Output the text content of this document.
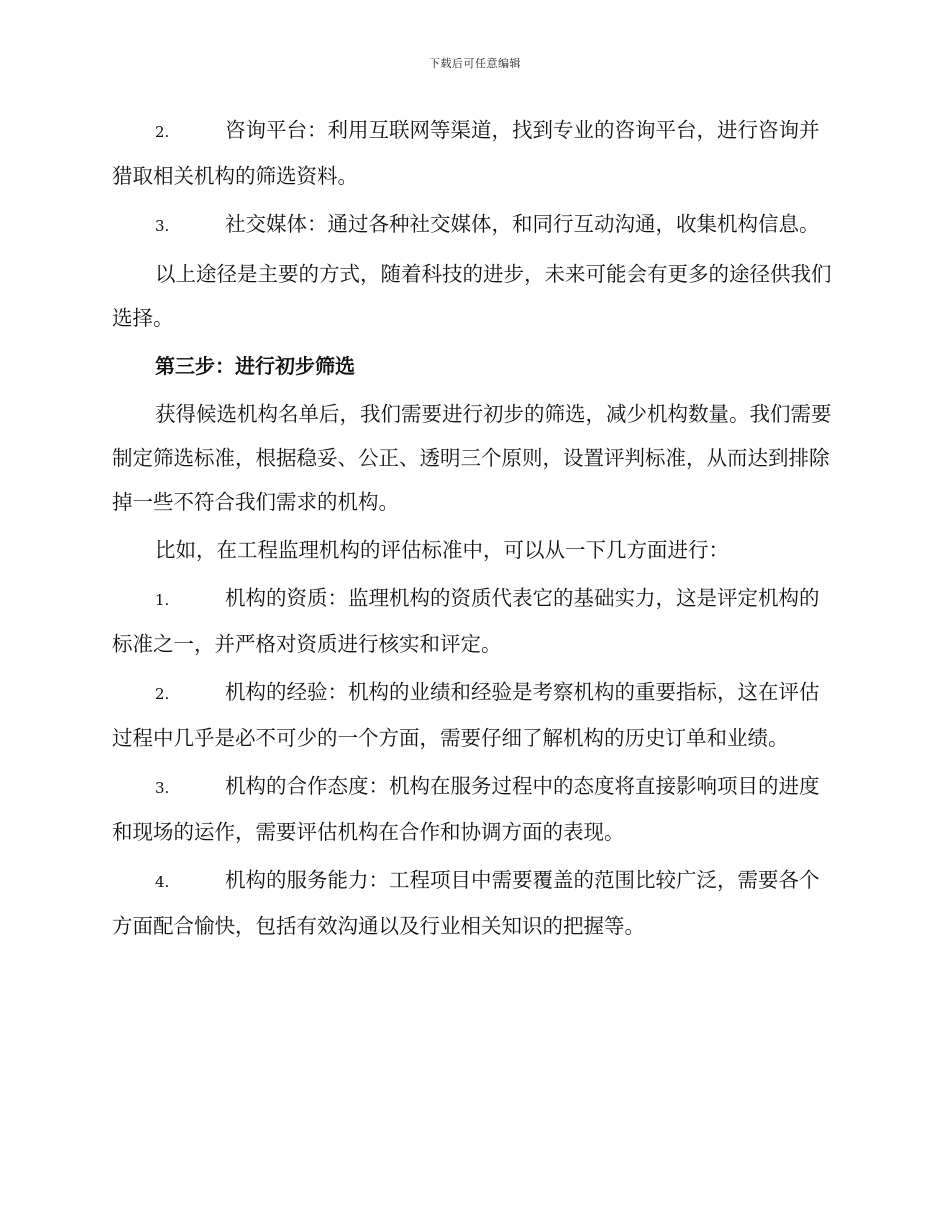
下载后可任意编辑

2.	咨询平台：利用互联网等渠道，找到专业的咨询平台，进行咨询并猎取相关机构的筛选资料。

3.	社交媒体：通过各种社交媒体，和同行互动沟通，收集机构信息。

以上途径是主要的方式，随着科技的进步，未来可能会有更多的途径供我们选择。

第三步：进行初步筛选

获得候选机构名单后，我们需要进行初步的筛选，减少机构数量。我们需要制定筛选标准，根据稳妥、公正、透明三个原则，设置评判标准，从而达到排除掉一些不符合我们需求的机构。

比如，在工程监理机构的评估标准中，可以从一下几方面进行：

1.	机构的资质：监理机构的资质代表它的基础实力，这是评定机构的标准之一，并严格对资质进行核实和评定。

2.	机构的经验：机构的业绩和经验是考察机构的重要指标，这在评估过程中几乎是必不可少的一个方面，需要仔细了解机构的历史订单和业绩。

3.	机构的合作态度：机构在服务过程中的态度将直接影响项目的进度和现场的运作，需要评估机构在合作和协调方面的表现。

4.	机构的服务能力：工程项目中需要覆盖的范围比较广泛，需要各个方面配合愉快，包括有效沟通以及行业相关知识的把握等。
